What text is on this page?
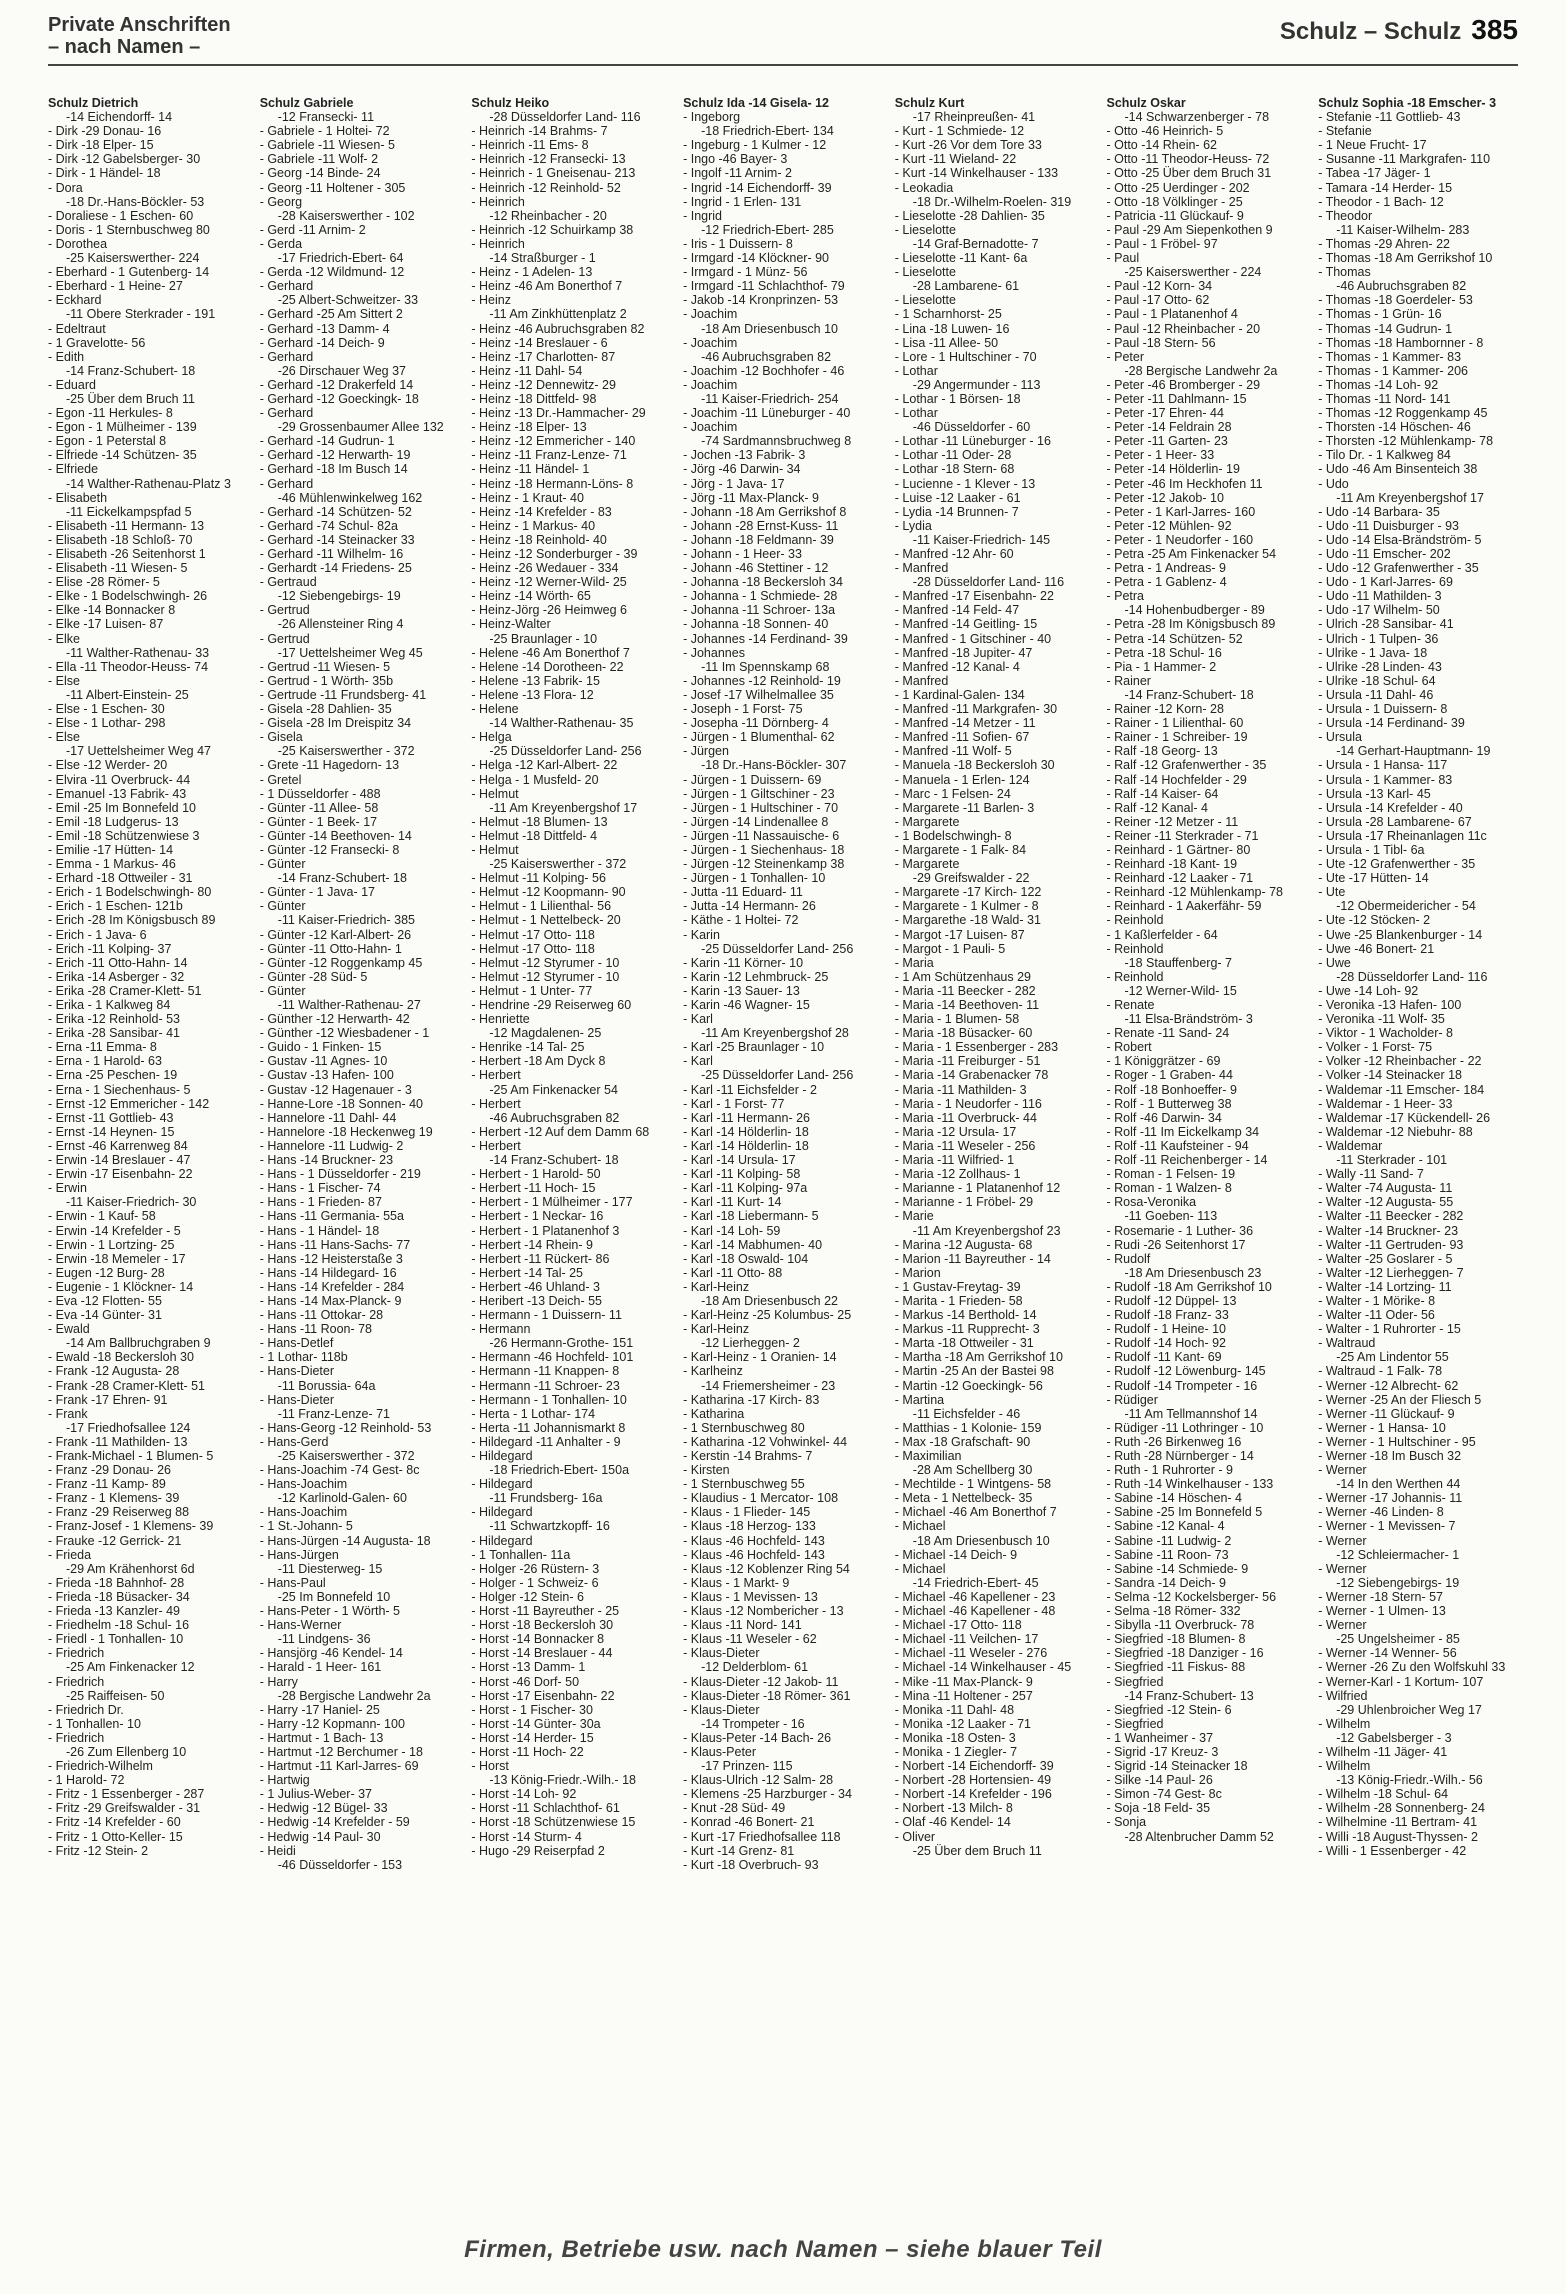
Private Anschriften
– nach Namen –
Schulz – Schulz 385
Schulz Dietrich
-14 Eichendorff- 14
- Dirk -29 Donau- 16
- Dirk -18 Elper- 15
- Dirk -12 Gabelsberger- 30
- Dirk - 1 Händel- 18
- Dora
-18 Dr.-Hans-Böckler- 53
- Doraliese - 1 Eschen- 60
- Doris - 1 Sternbuschweg 80
- Dorothea
-25 Kaiserswerther- 224
- Eberhard - 1 Gutenberg- 14
- Eberhard - 1 Heine- 27
- Eckhard
-11 Obere Sterkrader - 191
- Edeltraut
- 1 Gravelotte- 56
- Edith
-14 Franz-Schubert- 18
- Eduard
-25 Über dem Bruch 11
- Egon -11 Herkules- 8
- Egon - 1 Mülheimer - 139
- Egon - 1 Peterstal 8
- Elfriede -14 Schützen- 35
- Elfriede
-14 Walther-Rathenau-Platz 3
- Elisabeth
-11 Eickelkampspfad 5
- Elisabeth -11 Hermann- 13
- Elisabeth -18 Schloß- 70
- Elisabeth -26 Seitenhorst 1
- Elisabeth -11 Wiesen- 5
- Elise -28 Römer- 5
- Elke - 1 Bodelschwingh- 26
- Elke -14 Bonnacker 8
- Elke -17 Luisen- 87
- Elke
-11 Walther-Rathenau- 33
- Ella -11 Theodor-Heuss- 74
- Else
-11 Albert-Einstein- 25
- Else - 1 Eschen- 30
- Else - 1 Lothar- 298
- Else
-17 Uettelsheimer Weg 47
- Else -12 Werder- 20
- Elvira -11 Overbruck- 44
- Emanuel -13 Fabrik- 43
- Emil -25 Im Bonnefeld 10
- Emil -18 Ludgerus- 13
- Emil -18 Schützenwiese 3
- Emilie -17 Hütten- 14
- Emma - 1 Markus- 46
- Erhard -18 Ottweiler - 31
- Erich - 1 Bodelschwingh- 80
- Erich - 1 Eschen- 121b
- Erich -28 Im Königsbusch 89
- Erich - 1 Java- 6
- Erich -11 Kolping- 37
- Erich -11 Otto-Hahn- 14
- Erika -14 Asberger - 32
- Erika -28 Cramer-Klett- 51
- Erika - 1 Kalkweg 84
- Erika -12 Reinhold- 53
- Erika -28 Sansibar- 41
- Erna -11 Emma- 8
- Erna - 1 Harold- 63
- Erna -25 Peschen- 19
- Erna - 1 Siechenhaus- 5
- Ernst -12 Emmericher - 142
- Ernst -11 Gottlieb- 43
- Ernst -14 Heynen- 15
- Ernst -46 Karrenweg 84
- Erwin -14 Breslauer - 47
- Erwin -17 Eisenbahn- 22
- Erwin
-11 Kaiser-Friedrich- 30
- Erwin - 1 Kauf- 58
- Erwin -14 Krefelder - 5
- Erwin - 1 Lortzing- 25
- Erwin -18 Memeler - 17
- Eugen -12 Burg- 28
- Eugenie - 1 Klöckner- 14
- Eva -12 Flotten- 55
- Eva -14 Günter- 31
- Ewald
-14 Am Ballbruchgraben 9
- Ewald -18 Beckersloh 30
- Frank -12 Augusta- 28
- Frank -28 Cramer-Klett- 51
- Frank -17 Ehren- 91
- Frank
-17 Friedhofsallee 124
- Frank -11 Mathilden- 13
- Frank-Michael - 1 Blumen- 5
- Franz -29 Donau- 26
- Franz -11 Kamp- 89
- Franz - 1 Klemens- 39
- Franz -29 Reiserweg 88
- Franz-Josef - 1 Klemens- 39
- Frauke -12 Gerrick- 21
- Frieda
-29 Am Krähenhorst 6d
- Frieda -18 Bahnhof- 28
- Frieda -18 Büsacker- 34
- Frieda -13 Kanzler- 49
- Friedhelm -18 Schul- 16
- Friedl - 1 Tonhallen- 10
- Friedrich
-25 Am Finkenacker 12
- Friedrich
-25 Raiffeisen- 50
- Friedrich Dr.
- 1 Tonhallen- 10
- Friedrich
-26 Zum Ellenberg 10
- Friedrich-Wilhelm
- 1 Harold- 72
- Fritz - 1 Essenberger - 287
- Fritz -29 Greifswalder - 31
- Fritz -14 Krefelder - 60
- Fritz - 1 Otto-Keller- 15
- Fritz -12 Stein- 2
Schulz Gabriele
-12 Fransecki- 11
- Gabriele - 1 Holtei- 72
- Gabriele -11 Wiesen- 5
- Gabriele -11 Wolf- 2
- Georg -14 Binde- 24
- Georg -11 Holtener - 305
- Georg
-28 Kaiserswerther - 102
- Gerd -11 Arnim- 2
- Gerda
-17 Friedrich-Ebert- 64
- Gerda -12 Wildmund- 12
- Gerhard
-25 Albert-Schweitzer- 33
- Gerhard -25 Am Sittert 2
- Gerhard -13 Damm- 4
- Gerhard -14 Deich- 9
- Gerhard
-26 Dirschauer Weg 37
- Gerhard -12 Drakerfeld 14
- Gerhard -12 Goeckingk- 18
- Gerhard
-29 Grossenbaumer Allee 132
- Gerhard -14 Gudrun- 1
- Gerhard -12 Herwarth- 19
- Gerhard -18 Im Busch 14
- Gerhard
-46 Mühlenwinkelweg 162
- Gerhard -14 Schützen- 52
- Gerhard -74 Schul- 82a
- Gerhard -14 Steinacker 33
- Gerhard -11 Wilhelm- 16
- Gerhardt -14 Friedens- 25
- Gertraud
-12 Siebengebirgs- 19
- Gertrud
-26 Allensteiner Ring 4
- Gertrud
-17 Uettelsheimer Weg 45
- Gertrud -11 Wiesen- 5
- Gertrud - 1 Wörth- 35b
- Gertrude -11 Frundsberg- 41
- Gisela -28 Dahlien- 35
- Gisela -28 Im Dreispitz 34
- Gisela
-25 Kaiserswerther - 372
- Grete -11 Hagedorn- 13
- Gretel
- 1 Düsseldorfer - 488
- Günter -11 Allee- 58
- Günter - 1 Beek- 17
- Günter -14 Beethoven- 14
- Günter -12 Fransecki- 8
- Günter
-14 Franz-Schubert- 18
- Günter - 1 Java- 17
- Günter
-11 Kaiser-Friedrich- 385
- Günter -12 Karl-Albert- 26
- Günter -11 Otto-Hahn- 1
- Günter -12 Roggenkamp 45
- Günter -28 Süd- 5
- Günter
-11 Walther-Rathenau- 27
- Günther -12 Herwarth- 42
- Günther -12 Wiesbadener - 1
- Guido - 1 Finken- 15
- Gustav -11 Agnes- 10
- Gustav -13 Hafen- 100
- Gustav -12 Hagenauer - 3
- Hanne-Lore -18 Sonnen- 40
- Hannelore -11 Dahl- 44
- Hannelore -18 Heckenweg 19
- Hannelore -11 Ludwig- 2
- Hans -14 Bruckner- 23
- Hans - 1 Düsseldorfer - 219
- Hans - 1 Fischer- 74
- Hans - 1 Frieden- 87
- Hans -11 Germania- 55a
- Hans - 1 Händel- 18
- Hans -11 Hans-Sachs- 77
- Hans -12 Heisterstaße 3
- Hans -14 Hildegard- 16
- Hans -14 Krefelder - 284
- Hans -14 Max-Planck- 9
- Hans -11 Ottokar- 28
- Hans -11 Roon- 78
- Hans-Detlef
- 1 Lothar- 118b
- Hans-Dieter
-11 Borussia- 64a
- Hans-Dieter
-11 Franz-Lenze- 71
- Hans-Georg -12 Reinhold- 53
- Hans-Gerd
-25 Kaiserswerther - 372
- Hans-Joachim -74 Gest- 8c
- Hans-Joachim
-12 Karlinold-Galen- 60
- Hans-Joachim
- 1 St.-Johann- 5
- Hans-Jürgen -14 Augusta- 18
- Hans-Jürgen
-11 Diesterweg- 15
- Hans-Paul
-25 Im Bonnefeld 10
- Hans-Peter - 1 Wörth- 5
- Hans-Werner
-11 Lindgens- 36
- Hansjörg -46 Kendel- 14
- Harald - 1 Heer- 161
- Harry
-28 Bergische Landwehr 2a
- Harry -17 Haniel- 25
- Harry -12 Kopmann- 100
- Hartmut - 1 Bach- 13
- Hartmut -12 Berchumer - 18
- Hartmut -11 Karl-Jarres- 69
- Hartwig
- 1 Julius-Weber- 37
- Hedwig -12 Bügel- 33
- Hedwig -14 Krefelder - 59
- Hedwig -14 Paul- 30
- Heidi
-46 Düsseldorfer - 153
Schulz Heiko
-28 Düsseldorfer Land- 116
- Heinrich -14 Brahms- 7
- Heinrich -11 Ems- 8
- Heinrich -12 Fransecki- 13
- Heinrich - 1 Gneisenau- 213
- Heinrich -12 Reinhold- 52
- Heinrich
-12 Rheinbacher - 20
- Heinrich -12 Schuirkamp 38
- Heinrich
-14 Straßburger - 1
- Heinz - 1 Adelen- 13
- Heinz -46 Am Bonerthof 7
- Heinz
-11 Am Zinkhüttenplatz 2
- Heinz -46 Aubruchsgraben 82
- Heinz -14 Breslauer - 6
- Heinz -17 Charlotten- 87
- Heinz -11 Dahl- 54
- Heinz -12 Dennewitz- 29
- Heinz -18 Dittfeld- 98
- Heinz -13 Dr.-Hammacher- 29
- Heinz -18 Elper- 13
- Heinz -12 Emmericher - 140
- Heinz -11 Franz-Lenze- 71
- Heinz -11 Händel- 1
- Heinz -18 Hermann-Löns- 8
- Heinz - 1 Kraut- 40
- Heinz -14 Krefelder - 83
- Heinz - 1 Markus- 40
- Heinz -18 Reinhold- 40
- Heinz -12 Sonderburger - 39
- Heinz -26 Wedauer - 334
- Heinz -12 Werner-Wild- 25
- Heinz -14 Wörth- 65
- Heinz-Jörg -26 Heimweg 6
- Heinz-Walter
-25 Braunlager - 10
- Helene -46 Am Bonerthof 7
- Helene -14 Dorotheen- 22
- Helene -13 Fabrik- 15
- Helene -13 Flora- 12
- Helene
-14 Walther-Rathenau- 35
- Helga
-25 Düsseldorfer Land- 256
- Helga -12 Karl-Albert- 22
- Helga - 1 Musfeld- 20
- Helmut
-11 Am Kreyenbergshof 17
- Helmut -18 Blumen- 13
- Helmut -18 Dittfeld- 4
- Helmut
-25 Kaiserswerther - 372
- Helmut -11 Kolping- 56
- Helmut -12 Koopmann- 90
- Helmut - 1 Lilienthal- 56
- Helmut - 1 Nettelbeck- 20
- Helmut -17 Otto- 118
- Helmut -17 Otto- 118
- Helmut -12 Styrumer - 10
- Helmut -12 Styrumer - 10
- Helmut - 1 Unter- 77
- Hendrine -29 Reiserweg 60
- Henriette
-12 Magdalenen- 25
- Henrike -14 Tal- 25
- Herbert -18 Am Dyck 8
- Herbert
-25 Am Finkenacker 54
- Herbert
-46 Aubruchsgraben 82
- Herbert -12 Auf dem Damm 68
- Herbert
-14 Franz-Schubert- 18
- Herbert - 1 Harold- 50
- Herbert -11 Hoch- 15
- Herbert - 1 Mülheimer - 177
- Herbert - 1 Neckar- 16
- Herbert - 1 Platanenhof 3
- Herbert -14 Rhein- 9
- Herbert -11 Rückert- 86
- Herbert -14 Tal- 25
- Herbert -46 Uhland- 3
- Heribert -13 Deich- 55
- Hermann - 1 Duissern- 11
- Hermann
-26 Hermann-Grothe- 151
- Hermann -46 Hochfeld- 101
- Hermann -11 Knappen- 8
- Hermann -11 Schroer- 23
- Hermann - 1 Tonhallen- 10
- Herta - 1 Lothar- 174
- Herta -11 Johannismarkt 8
- Hildegard -11 Anhalter - 9
- Hildegard
-18 Friedrich-Ebert- 150a
- Hildegard
-11 Frundsberg- 16a
- Hildegard
-11 Schwartzkopff- 16
- Hildegard
- 1 Tonhallen- 11a
- Holger -26 Rüstern- 3
- Holger - 1 Schweiz- 6
- Holger -12 Stein- 6
- Horst -11 Bayreuther - 25
- Horst -18 Beckersloh 30
- Horst -14 Bonnacker 8
- Horst -14 Breslauer - 44
- Horst -13 Damm- 1
- Horst -46 Dorf- 50
- Horst -17 Eisenbahn- 22
- Horst - 1 Fischer- 30
- Horst -14 Günter- 30a
- Horst -14 Herder- 15
- Horst -11 Hoch- 22
- Horst
-13 König-Friedr.-Wilh.- 18
- Horst -14 Loh- 92
- Horst -11 Schlachthof- 61
- Horst -18 Schützenwiese 15
- Horst -14 Sturm- 4
- Hugo -29 Reiserpfad 2
Schulz Ida -14 Gisela- 12
- Ingeborg
-18 Friedrich-Ebert- 134
- Ingeburg - 1 Kulmer - 12
- Ingo -46 Bayer- 3
- Ingolf -11 Arnim- 2
- Ingrid -14 Eichendorff- 39
- Ingrid - 1 Erlen- 131
- Ingrid
-12 Friedrich-Ebert- 285
- Iris - 1 Duissern- 8
- Irmgard -14 Klöckner- 90
- Irmgard - 1 Münz- 56
- Irmgard -11 Schlachthof- 79
- Jakob -14 Kronprinzen- 53
- Joachim
-18 Am Driesenbusch 10
- Joachim
-46 Aubruchsgraben 82
- Joachim -12 Bochhofer - 46
- Joachim
-11 Kaiser-Friedrich- 254
- Joachim -11 Lüneburger - 40
- Joachim
-74 Sardmannsbruchweg 8
- Jochen -13 Fabrik- 3
- Jörg -46 Darwin- 34
- Jörg - 1 Java- 17
- Jörg -11 Max-Planck- 9
- Johann -18 Am Gerrikshof 8
- Johann -28 Ernst-Kuss- 11
- Johann -18 Feldmann- 39
- Johann - 1 Heer- 33
- Johann -46 Stettiner - 12
- Johanna -18 Beckersloh 34
- Johanna - 1 Schmiede- 28
- Johanna -11 Schroer- 13a
- Johanna -18 Sonnen- 40
- Johannes -14 Ferdinand- 39
- Johannes
-11 Im Spennskamp 68
- Johannes -12 Reinhold- 19
- Josef -17 Wilhelmallee 35
- Joseph - 1 Forst- 75
- Josepha -11 Dörnberg- 4
- Jürgen - 1 Blumenthal- 62
- Jürgen
-18 Dr.-Hans-Böckler- 307
- Jürgen - 1 Duissern- 69
- Jürgen - 1 Giltschiner - 23
- Jürgen - 1 Hultschiner - 70
- Jürgen -14 Lindenallee 8
- Jürgen -11 Nassauische- 6
- Jürgen - 1 Siechenhaus- 18
- Jürgen -12 Steinenkamp 38
- Jürgen - 1 Tonhallen- 10
- Jutta -11 Eduard- 11
- Jutta -14 Hermann- 26
- Käthe - 1 Holtei- 72
- Karin
-25 Düsseldorfer Land- 256
- Karin -11 Körner- 10
- Karin -12 Lehmbruck- 25
- Karin -13 Sauer- 13
- Karin -46 Wagner- 15
- Karl
-11 Am Kreyenbergshof 28
- Karl -25 Braunlager - 10
- Karl
-25 Düsseldorfer Land- 256
- Karl -11 Eichsfelder - 2
- Karl - 1 Forst- 77
- Karl -11 Hermann- 26
- Karl -14 Hölderlin- 18
- Karl -14 Hölderlin- 18
- Karl -14 Ursula- 17
- Karl -11 Kolping- 58
- Karl -11 Kolping- 97a
- Karl -11 Kurt- 14
- Karl -18 Liebermann- 5
- Karl -14 Loh- 59
- Karl -14 Mabhumen- 40
- Karl -18 Oswald- 104
- Karl -11 Otto- 88
- Karl-Heinz
-18 Am Driesenbusch 22
- Karl-Heinz -25 Kolumbus- 25
- Karl-Heinz
-12 Lierheggen- 2
- Karl-Heinz - 1 Oranien- 14
- Karlheinz
-14 Friemersheimer - 23
- Katharina -17 Kirch- 83
- Katharina
- 1 Sternbuschweg 80
- Katharina -12 Vohwinkel- 44
- Kerstin -14 Brahms- 7
- Kirsten
- 1 Sternbuschweg 55
- Klaudius - 1 Mercator- 108
- Klaus - 1 Flieder- 145
- Klaus -18 Herzog- 133
- Klaus -46 Hochfeld- 143
- Klaus -46 Hochfeld- 143
- Klaus -12 Koblenzer Ring 54
- Klaus - 1 Markt- 9
- Klaus - 1 Mevissen- 13
- Klaus -12 Nombericher - 13
- Klaus -11 Nord- 141
- Klaus -11 Weseler - 62
- Klaus-Dieter
-12 Delderblom- 61
- Klaus-Dieter -12 Jakob- 11
- Klaus-Dieter -18 Römer- 361
- Klaus-Dieter
-14 Trompeter - 16
- Klaus-Peter -14 Bach- 26
- Klaus-Peter
-17 Prinzen- 115
- Klaus-Ulrich -12 Salm- 28
- Klemens -25 Harzburger - 34
- Knut -28 Süd- 49
- Konrad -46 Bonert- 21
- Kurt -17 Friedhofsallee 118
- Kurt -14 Grenz- 81
- Kurt -18 Overbruch- 93
Schulz Kurt
-17 Rheinpreußen- 41
- Kurt - 1 Schmiede- 12
- Kurt -26 Vor dem Tore 33
- Kurt -11 Wieland- 22
- Kurt -14 Winkelhauser - 133
- Leokadia
-18 Dr.-Wilhelm-Roelen- 319
- Lieselotte -28 Dahlien- 35
- Lieselotte
-14 Graf-Bernadotte- 7
- Lieselotte -11 Kant- 6a
- Lieselotte
-28 Lambarene- 61
- Lieselotte
- 1 Scharnhorst- 25
- Lina -18 Luwen- 16
- Lisa -11 Allee- 50
- Lore - 1 Hultschiner - 70
- Lothar
-29 Angermunder - 113
- Lothar - 1 Börsen- 18
- Lothar
-46 Düsseldorfer - 60
- Lothar -11 Lüneburger - 16
- Lothar -11 Oder- 28
- Lothar -18 Stern- 68
- Lucienne - 1 Klever - 13
- Luise -12 Laaker - 61
- Lydia -14 Brunnen- 7
- Lydia
-11 Kaiser-Friedrich- 145
- Manfred -12 Ahr- 60
- Manfred
-28 Düsseldorfer Land- 116
- Manfred -17 Eisenbahn- 22
- Manfred -14 Feld- 47
- Manfred -14 Geitling- 15
- Manfred - 1 Gitschiner - 40
- Manfred -18 Jupiter- 47
- Manfred -12 Kanal- 4
- Manfred
- 1 Kardinal-Galen- 134
- Manfred -11 Markgrafen- 30
- Manfred -14 Metzer - 11
- Manfred -11 Sofien- 67
- Manfred -11 Wolf- 5
- Manuela -18 Beckersloh 30
- Manuela - 1 Erlen- 124
- Marc - 1 Felsen- 24
- Margarete -11 Barlen- 3
- Margarete
- 1 Bodelschwingh- 8
- Margarete - 1 Falk- 84
- Margarete
-29 Greifswalder - 22
- Margarete -17 Kirch- 122
- Margarete - 1 Kulmer - 8
- Margarethe -18 Wald- 31
- Margot -17 Luisen- 87
- Margot - 1 Pauli- 5
- Maria
- 1 Am Schützenhaus 29
- Maria -11 Beecker - 282
- Maria -14 Beethoven- 11
- Maria - 1 Blumen- 58
- Maria -18 Büsacker- 60
- Maria - 1 Essenberger - 283
- Maria -11 Freiburger - 51
- Maria -14 Grabenacker 78
- Maria -11 Mathilden- 3
- Maria - 1 Neudorfer - 116
- Maria -11 Overbruck- 44
- Maria -12 Ursula- 17
- Maria -11 Weseler - 256
- Maria -11 Wilfried- 1
- Maria -12 Zollhaus- 1
- Marianne - 1 Platanenhof 12
- Marianne - 1 Fröbel- 29
- Marie
-11 Am Kreyenbergshof 23
- Marina -12 Augusta- 68
- Marion -11 Bayreuther - 14
- Marion
- 1 Gustav-Freytag- 39
- Marita - 1 Frieden- 58
- Markus -14 Berthold- 14
- Markus -11 Rupprecht- 3
- Marta -18 Ottweiler - 31
- Martha -18 Am Gerrikshof 10
- Martin -25 An der Bastei 98
- Martin -12 Goeckingk- 56
- Martina
-11 Eichsfelder - 46
- Matthias - 1 Kolonie- 159
- Max -18 Grafschaft- 90
- Maximilian
-28 Am Schellberg 30
- Mechtilde - 1 Wintgens- 58
- Meta - 1 Nettelbeck- 35
- Michael -46 Am Bonerthof 7
- Michael
-18 Am Driesenbusch 10
- Michael -14 Deich- 9
- Michael
-14 Friedrich-Ebert- 45
- Michael -46 Kapellener - 23
- Michael -46 Kapellener - 48
- Michael -17 Otto- 118
- Michael -11 Veilchen- 17
- Michael -11 Weseler - 276
- Michael -14 Winkelhauser - 45
- Mike -11 Max-Planck- 9
- Mina -11 Holtener - 257
- Monika -11 Dahl- 48
- Monika -12 Laaker - 71
- Monika -18 Osten- 3
- Monika - 1 Ziegler- 7
- Norbert -14 Eichendorff- 39
- Norbert -28 Hortensien- 49
- Norbert -14 Krefelder - 196
- Norbert -13 Milch- 8
- Olaf -46 Kendel- 14
- Oliver
-25 Über dem Bruch 11
Schulz Oskar
-14 Schwarzenberger - 78
- Otto -46 Heinrich- 5
- Otto -14 Rhein- 62
- Otto -11 Theodor-Heuss- 72
- Otto -25 Über dem Bruch 31
- Otto -25 Uerdinger - 202
- Otto -18 Völklinger - 25
- Patricia -11 Glückauf- 9
- Paul -29 Am Siepenkothen 9
- Paul - 1 Fröbel- 97
- Paul
-25 Kaiserswerther - 224
- Paul -12 Korn- 34
- Paul -17 Otto- 62
- Paul - 1 Platanenhof 4
- Paul -12 Rheinbacher - 20
- Paul -18 Stern- 56
- Peter
-28 Bergische Landwehr 2a
- Peter -46 Bromberger - 29
- Peter -11 Dahlmann- 15
- Peter -17 Ehren- 44
- Peter -14 Feldrain 28
- Peter -11 Garten- 23
- Peter - 1 Heer- 33
- Peter -14 Hölderlin- 19
- Peter -46 Im Heckhofen 11
- Peter -12 Jakob- 10
- Peter - 1 Karl-Jarres- 160
- Peter -12 Mühlen- 92
- Peter - 1 Neudorfer - 160
- Petra -25 Am Finkenacker 54
- Petra - 1 Andreas- 9
- Petra - 1 Gablenz- 4
- Petra
-14 Hohenbudberger - 89
- Petra -28 Im Königsbusch 89
- Petra -14 Schützen- 52
- Petra -18 Schul- 16
- Pia - 1 Hammer- 2
- Rainer
-14 Franz-Schubert- 18
- Rainer -12 Korn- 28
- Rainer - 1 Lilienthal- 60
- Rainer - 1 Schreiber- 19
- Ralf -18 Georg- 13
- Ralf -12 Grafenwerther - 35
- Ralf -14 Hochfelder - 29
- Ralf -14 Kaiser- 64
- Ralf -12 Kanal- 4
- Reiner -12 Metzer - 11
- Reiner -11 Sterkrader - 71
- Reinhard - 1 Gärtner- 80
- Reinhard -18 Kant- 19
- Reinhard -12 Laaker - 71
- Reinhard -12 Mühlenkamp- 78
- Reinhard - 1 Aakerfähr- 59
- Reinhold
- 1 Kaßlerfelder - 64
- Reinhold
-18 Stauffenberg- 7
- Reinhold
-12 Werner-Wild- 15
- Renate
-11 Elsa-Brändström- 3
- Renate -11 Sand- 24
- Robert
- 1 Königgrätzer - 69
- Roger - 1 Graben- 44
- Rolf -18 Bonhoeffer- 9
- Rolf - 1 Butterweg 38
- Rolf -46 Darwin- 34
- Rolf -11 Im Eickelkamp 34
- Rolf -11 Kaufsteiner - 94
- Rolf -11 Reichenberger - 14
- Roman - 1 Felsen- 19
- Roman - 1 Walzen- 8
- Rosa-Veronika
-11 Goeben- 113
- Rosemarie - 1 Luther- 36
- Rudi -26 Seitenhorst 17
- Rudolf
-18 Am Driesenbusch 23
- Rudolf -18 Am Gerrikshof 10
- Rudolf -12 Düppel- 13
- Rudolf -18 Franz- 33
- Rudolf - 1 Heine- 10
- Rudolf -14 Hoch- 92
- Rudolf -11 Kant- 69
- Rudolf -12 Löwenburg- 145
- Rudolf -14 Trompeter - 16
- Rüdiger
-11 Am Tellmannshof 14
- Rüdiger -11 Lothringer - 10
- Ruth -26 Birkenweg 16
- Ruth -28 Nürnberger - 14
- Ruth - 1 Ruhrorter - 9
- Ruth -14 Winkelhauser - 133
- Sabine -14 Höschen- 4
- Sabine -25 Im Bonnefeld 5
- Sabine -12 Kanal- 4
- Sabine -11 Ludwig- 2
- Sabine -11 Roon- 73
- Sabine -14 Schmiede- 9
- Sandra -14 Deich- 9
- Selma -12 Kockelsberger- 56
- Selma -18 Römer- 332
- Sibylla -11 Overbruck- 78
- Siegfried -18 Blumen- 8
- Siegfried -18 Danziger - 16
- Siegfried -11 Fiskus- 88
- Siegfried
-14 Franz-Schubert- 13
- Siegfried -12 Stein- 6
- Siegfried
- 1 Wanheimer - 37
- Sigrid -17 Kreuz- 3
- Sigrid -14 Steinacker 18
- Silke -14 Paul- 26
- Simon -74 Gest- 8c
- Soja -18 Feld- 35
- Sonja
-28 Altenbrucher Damm 52
Schulz Sophia -18 Emscher- 3
- Stefanie -11 Gottlieb- 43
- Stefanie
- 1 Neue Frucht- 17
- Susanne -11 Markgrafen- 110
- Tabea -17 Jäger- 1
- Tamara -14 Herder- 15
- Theodor - 1 Bach- 12
- Theodor
-11 Kaiser-Wilhelm- 283
- Thomas -29 Ahren- 22
- Thomas -18 Am Gerrikshof 10
- Thomas
-46 Aubruchsgraben 82
- Thomas -18 Goerdeler- 53
- Thomas - 1 Grün- 16
- Thomas -14 Gudrun- 1
- Thomas -18 Hambornner - 8
- Thomas - 1 Kammer- 83
- Thomas - 1 Kammer- 206
- Thomas -14 Loh- 92
- Thomas -11 Nord- 141
- Thomas -12 Roggenkamp 45
- Thorsten -14 Höschen- 46
- Thorsten -12 Mühlenkamp- 78
- Tilo Dr. - 1 Kalkweg 84
- Udo -46 Am Binsenteich 38
- Udo
-11 Am Kreyenbergshof 17
- Udo -14 Barbara- 35
- Udo -11 Duisburger - 93
- Udo -14 Elsa-Brändström- 5
- Udo -11 Emscher- 202
- Udo -12 Grafenwerther - 35
- Udo - 1 Karl-Jarres- 69
- Udo -11 Mathilden- 3
- Udo -17 Wilhelm- 50
- Ulrich -28 Sansibar- 41
- Ulrich - 1 Tulpen- 36
- Ulrike - 1 Java- 18
- Ulrike -28 Linden- 43
- Ulrike -18 Schul- 64
- Ursula -11 Dahl- 46
- Ursula - 1 Duissern- 8
- Ursula -14 Ferdinand- 39
- Ursula
-14 Gerhart-Hauptmann- 19
- Ursula - 1 Hansa- 117
- Ursula - 1 Kammer- 83
- Ursula -13 Karl- 45
- Ursula -14 Krefelder - 40
- Ursula -28 Lambarene- 67
- Ursula -17 Rheinanlagen 11c
- Ursula - 1 Tibl- 6a
- Ute -12 Grafenwerther - 35
- Ute -17 Hütten- 14
- Ute
-12 Obermeidericher - 54
- Ute -12 Stöcken- 2
- Uwe -25 Blankenburger - 14
- Uwe -46 Bonert- 21
- Uwe
-28 Düsseldorfer Land- 116
- Uwe -14 Loh- 92
- Veronika -13 Hafen- 100
- Veronika -11 Wolf- 35
- Viktor - 1 Wacholder- 8
- Volker - 1 Forst- 75
- Volker -12 Rheinbacher - 22
- Volker -14 Steinacker 18
- Waldemar -11 Emscher- 184
- Waldemar - 1 Heer- 33
- Waldemar -17 Kückendell- 26
- Waldemar -12 Niebuhr- 88
- Waldemar
-11 Sterkrader - 101
- Wally -11 Sand- 7
- Walter -74 Augusta- 11
- Walter -12 Augusta- 55
- Walter -11 Beecker - 282
- Walter -14 Bruckner- 23
- Walter -11 Gertruden- 93
- Walter -25 Goslarer - 5
- Walter -12 Lierheggen- 7
- Walter -14 Lortzing- 11
- Walter - 1 Mörike- 8
- Walter -11 Oder- 56
- Walter - 1 Ruhrorter - 15
- Waltraud
-25 Am Lindentor 55
- Waltraud - 1 Falk- 78
- Werner -12 Albrecht- 62
- Werner -25 An der Fliesch 5
- Werner -11 Glückauf- 9
- Werner - 1 Hansa- 10
- Werner - 1 Hultschiner - 95
- Werner -18 Im Busch 32
- Werner
-14 In den Werthen 44
- Werner -17 Johannis- 11
- Werner -46 Linden- 8
- Werner - 1 Mevissen- 7
- Werner
-12 Schleiermacher- 1
- Werner
-12 Siebengebirgs- 19
- Werner -18 Stern- 57
- Werner - 1 Ulmen- 13
- Werner
-25 Ungelsheimer - 85
- Werner -14 Wenner- 56
- Werner -26 Zu den Wolfskuhl 33
- Werner-Karl - 1 Kortum- 107
- Wilfried
-29 Uhlenbroicher Weg 17
- Wilhelm
-12 Gabelsberger - 3
- Wilhelm -11 Jäger- 41
- Wilhelm
-13 König-Friedr.-Wilh.- 56
- Wilhelm -18 Schul- 64
- Wilhelm -28 Sonnenberg- 24
- Wilhelmine -11 Bertram- 41
- Willi -18 August-Thyssen- 2
- Willi - 1 Essenberger - 42
Firmen, Betriebe usw. nach Namen – siehe blauer Teil
